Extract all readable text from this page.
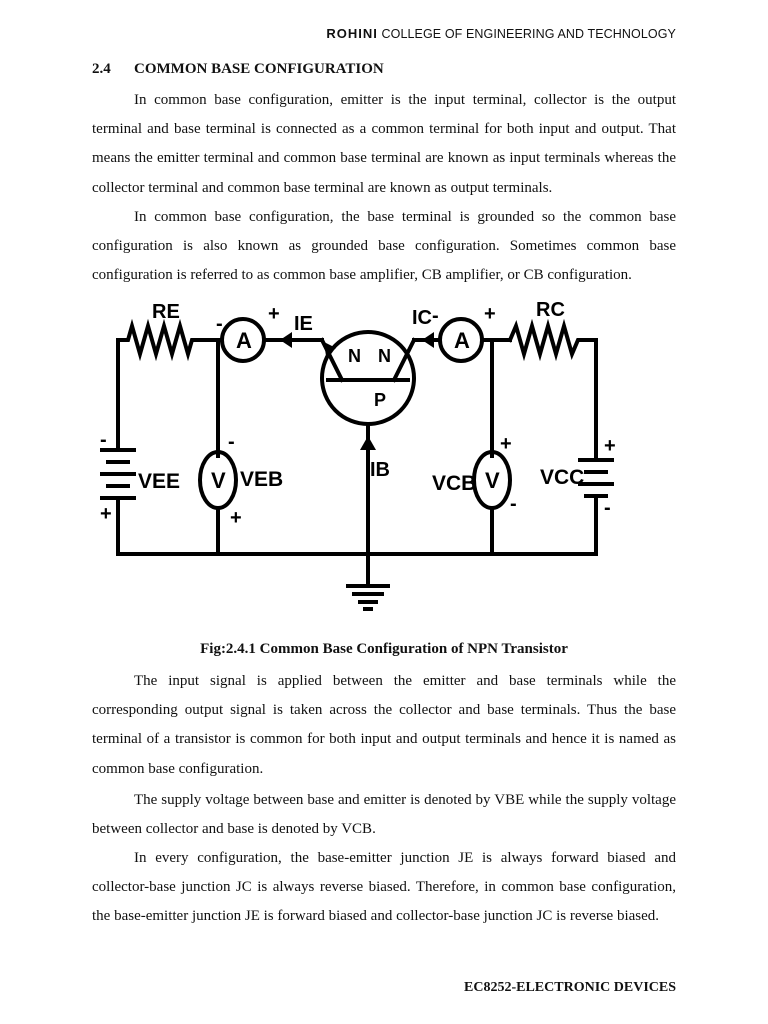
ROHINI COLLEGE OF ENGINEERING AND TECHNOLOGY
2.4 COMMON BASE CONFIGURATION

In common base configuration, emitter is the input terminal, collector is the output terminal and base terminal is connected as a common terminal for both input and output. That means the emitter terminal and common base terminal are known as input terminals whereas the collector terminal and common base terminal are known as output terminals.

In common base configuration, the base terminal is grounded so the common base configuration is also known as grounded base configuration. Sometimes common base configuration is referred to as common base amplifier, CB amplifier, or CB configuration.

RE	RC
IE	IC
IB
VEE	VEB	VCB	VCC
A	A
V	V
N N
P
- +	- +
-
+
-
+
+
-
+
-
Fig:2.4.1 Common Base Configuration of NPN Transistor

The input signal is applied between the emitter and base terminals while the corresponding output signal is taken across the collector and base terminals. Thus the base terminal of a transistor is common for both input and output terminals and hence it is named as common base configuration.

The supply voltage between base and emitter is denoted by VBE while the supply voltage between collector and base is denoted by VCB.

In every configuration, the base-emitter junction JE is always forward biased and collector-base junction JC is always reverse biased. Therefore, in common base configuration, the base-emitter junction JE is forward biased and collector-base junction JC is reverse biased.

EC8252-ELECTRONIC DEVICES
